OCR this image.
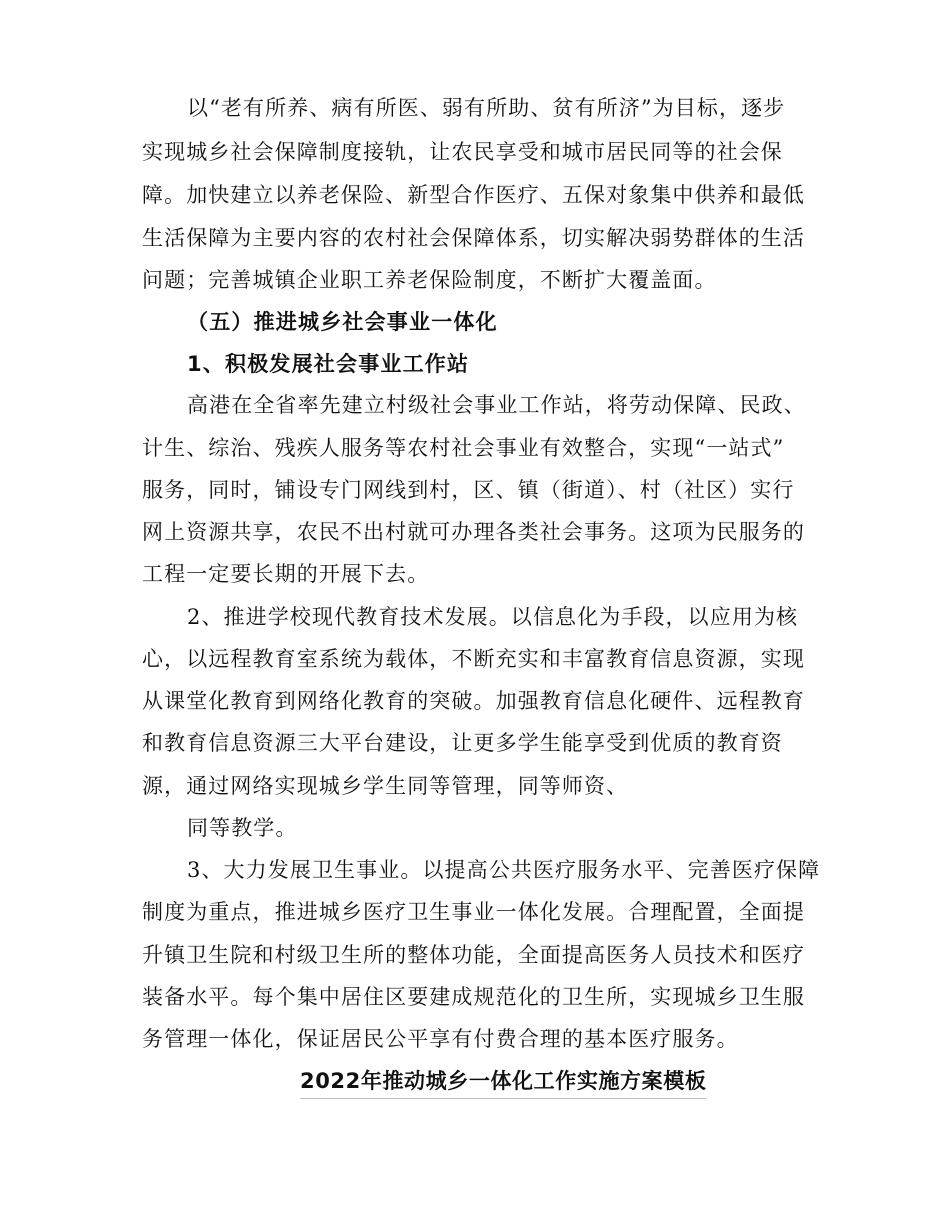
以“老有所养、病有所医、弱有所助、贫有所济”为目标，逐步
实现城乡社会保障制度接轨，让农民享受和城市居民同等的社会保
障。加快建立以养老保险、新型合作医疗、五保对象集中供养和最低
生活保障为主要内容的农村社会保障体系，切实解决弱势群体的生活
问题；完善城镇企业职工养老保险制度，不断扩大覆盖面。
（五）推进城乡社会事业一体化
1、积极发展社会事业工作站
高港在全省率先建立村级社会事业工作站，将劳动保障、民政、
计生、综治、残疾人服务等农村社会事业有效整合，实现“一站式”
服务，同时，铺设专门网线到村，区、镇（街道）、村（社区）实行
网上资源共享，农民不出村就可办理各类社会事务。这项为民服务的
工程一定要长期的开展下去。
2、推进学校现代教育技术发展。以信息化为手段，以应用为核
心，以远程教育室系统为载体，不断充实和丰富教育信息资源，实现
从课堂化教育到网络化教育的突破。加强教育信息化硬件、远程教育
和教育信息资源三大平台建设，让更多学生能享受到优质的教育资
源，通过网络实现城乡学生同等管理，同等师资、
同等教学。
3、大力发展卫生事业。以提高公共医疗服务水平、完善医疗保障
制度为重点，推进城乡医疗卫生事业一体化发展。合理配置，全面提
升镇卫生院和村级卫生所的整体功能，全面提高医务人员技术和医疗
装备水平。每个集中居住区要建成规范化的卫生所，实现城乡卫生服
务管理一体化，保证居民公平享有付费合理的基本医疗服务。
2022年推动城乡一体化工作实施方案模板
